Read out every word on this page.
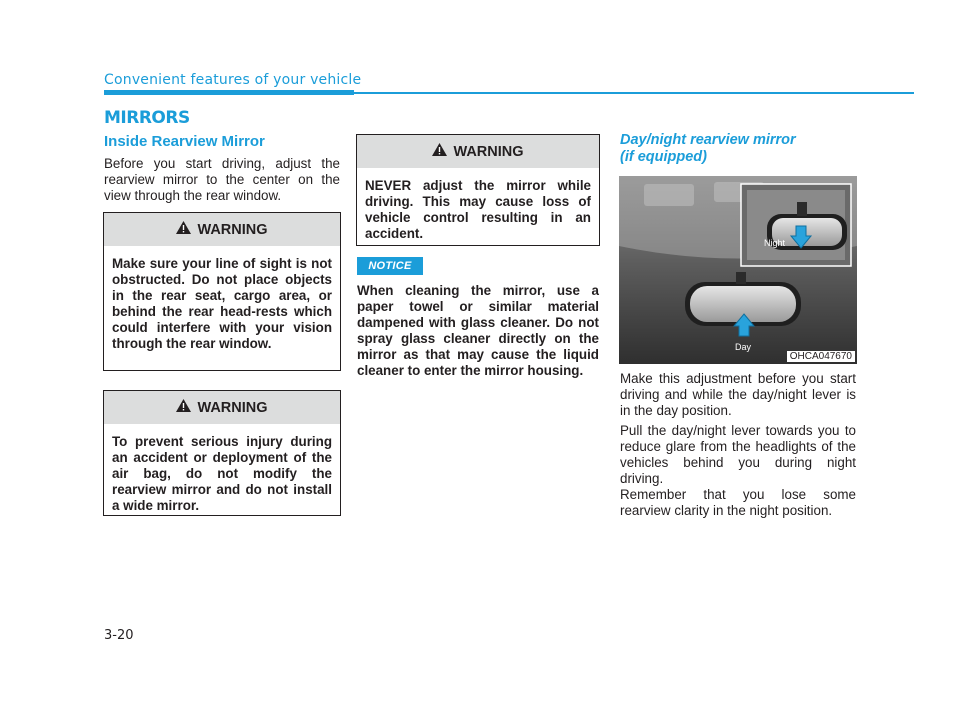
Convenient features of your vehicle
MIRRORS
Inside Rearview Mirror
Before you start driving, adjust the rearview mirror to the center on the view through the rear window.
WARNING
Make sure your line of sight is not obstructed. Do not place objects in the rear seat, cargo area, or behind the rear head-rests which could interfere with your vision through the rear window.
WARNING
To prevent serious injury during an accident or deployment of the air bag, do not modify the rearview mirror and do not install a wide mirror.
WARNING
NEVER adjust the mirror while driving. This may cause loss of vehicle control resulting in an accident.
NOTICE
When cleaning the mirror, use a paper towel or similar material dampened with glass cleaner. Do not spray glass cleaner directly on the mirror as that may cause the liquid cleaner to enter the mirror housing.
Day/night rearview mirror
(if equipped)
Day
Night
OHCA047670
Make this adjustment before you start driving and while the day/night lever is in the day position.
Pull the day/night lever towards you to reduce glare from the headlights of the vehicles behind you during night driving.
Remember that you lose some rearview clarity in the night position.
3-20
